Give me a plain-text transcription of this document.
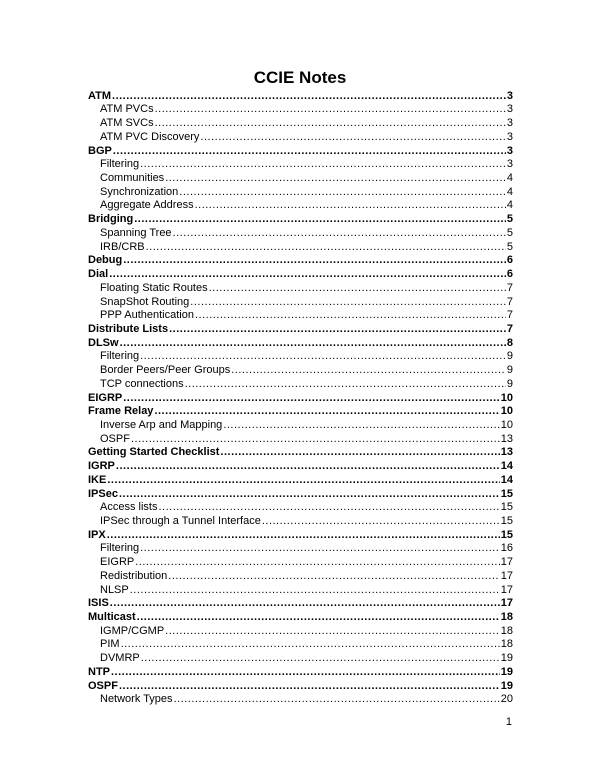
CCIE Notes
ATM .....	3
ATM PVCs .....	3
ATM SVCs .....	3
ATM PVC Discovery .....	3
BGP .....	3
Filtering .....	3
Communities .....	4
Synchronization .....	4
Aggregate Address .....	4
Bridging .....	5
Spanning Tree .....	5
IRB/CRB .....	5
Debug .....	6
Dial .....	6
Floating Static Routes .....	7
SnapShot Routing .....	7
PPP Authentication .....	7
Distribute Lists .....	7
DLSw .....	8
Filtering .....	9
Border Peers/Peer Groups .....	9
TCP connections .....	9
EIGRP .....	10
Frame Relay .....	10
Inverse Arp and Mapping .....	10
OSPF .....	13
Getting Started Checklist .....	13
IGRP .....	14
IKE .....	14
IPSec .....	15
Access lists .....	15
IPSec through a Tunnel Interface .....	15
IPX .....	15
Filtering .....	16
EIGRP .....	17
Redistribution .....	17
NLSP .....	17
ISIS .....	17
Multicast .....	18
IGMP/CGMP .....	18
PIM .....	18
DVMRP .....	19
NTP .....	19
OSPF .....	19
Network Types .....	20
1
